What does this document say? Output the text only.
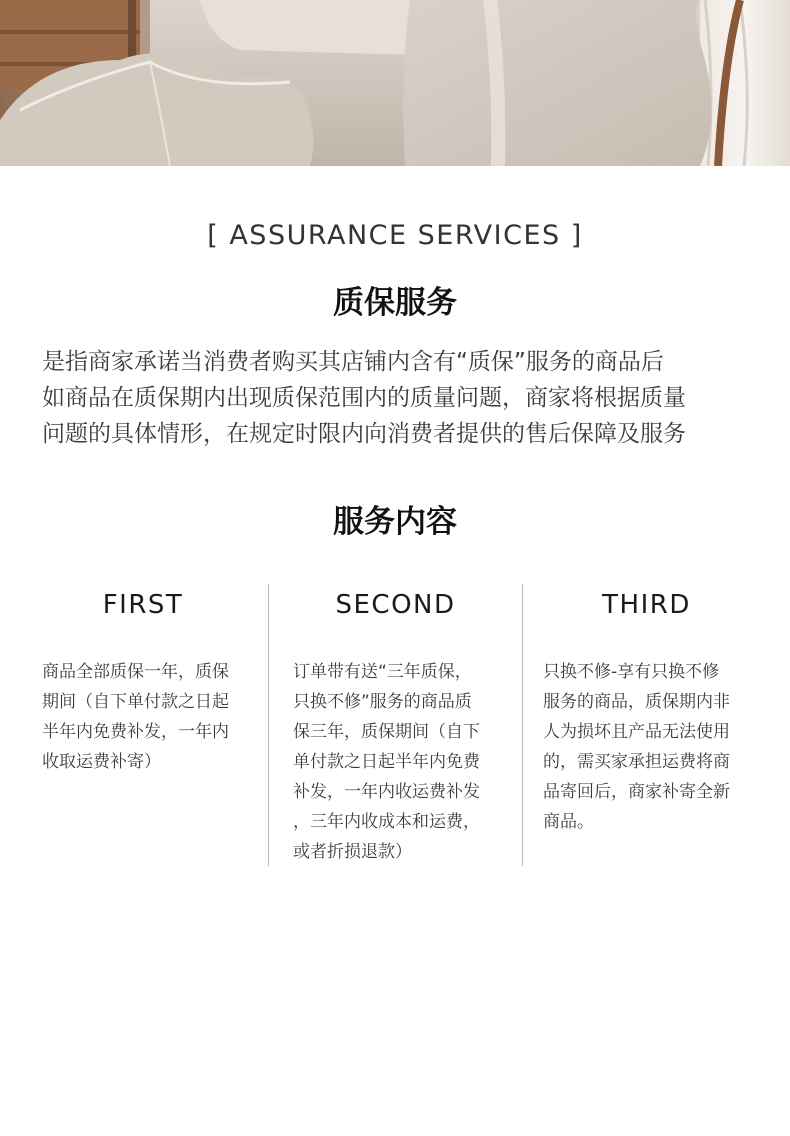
[ ASSURANCE SERVICES ]
质保服务
是指商家承诺当消费者购买其店铺内含有“质保”服务的商品后
如商品在质保期内出现质保范围内的质量问题，商家将根据质量
问题的具体情形，在规定时限内向消费者提供的售后保障及服务
服务内容
FIRST
商品全部质保一年，质保
期间（自下单付款之日起
半年内免费补发，一年内
收取运费补寄）
SECOND
订单带有送“三年质保，
只换不修”服务的商品质
保三年，质保期间（自下
单付款之日起半年内免费
补发，一年内收运费补发
，三年内收成本和运费，
或者折损退款）
THIRD
只换不修-享有只换不修
服务的商品，质保期内非
人为损坏且产品无法使用
的，需买家承担运费将商
品寄回后，商家补寄全新
商品。
